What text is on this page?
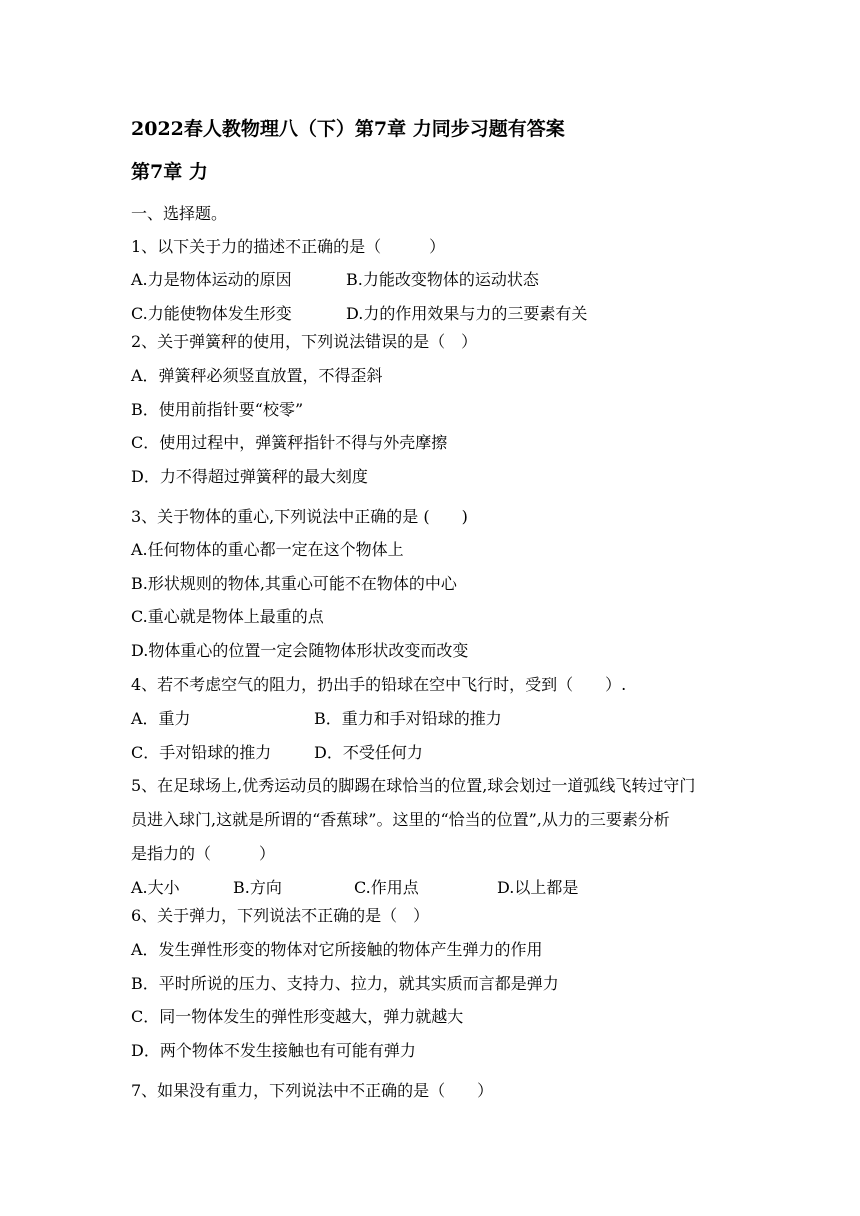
2022春人教物理八（下）第7章 力同步习题有答案
第7章 力
一、选择题。
1、以下关于力的描述不正确的是（　　　）
A.力是物体运动的原因	B.力能改变物体的运动状态
C.力能使物体发生形变	D.力的作用效果与力的三要素有关
2、关于弹簧秤的使用，下列说法错误的是（　）
A．弹簧秤必须竖直放置，不得歪斜
B．使用前指针要“校零”
C．使用过程中，弹簧秤指针不得与外壳摩擦
D．力不得超过弹簧秤的最大刻度
3、关于物体的重心,下列说法中正确的是 (　　)
A.任何物体的重心都一定在这个物体上
B.形状规则的物体,其重心可能不在物体的中心
C.重心就是物体上最重的点
D.物体重心的位置一定会随物体形状改变而改变
4、若不考虑空气的阻力，扔出手的铅球在空中飞行时，受到（　　）.
A．重力	B．重力和手对铅球的推力
C．手对铅球的推力	D．不受任何力
5、在足球场上,优秀运动员的脚踢在球恰当的位置,球会划过一道弧线飞转过守门
员进入球门,这就是所谓的“香蕉球”。这里的“恰当的位置”,从力的三要素分析
是指力的（　　　）
A.大小	B.方向	C.作用点	D.以上都是
6、关于弹力，下列说法不正确的是（　）
A．发生弹性形变的物体对它所接触的物体产生弹力的作用
B．平时所说的压力、支持力、拉力，就其实质而言都是弹力
C．同一物体发生的弹性形变越大，弹力就越大
D．两个物体不发生接触也有可能有弹力
7、如果没有重力，下列说法中不正确的是（　　）
